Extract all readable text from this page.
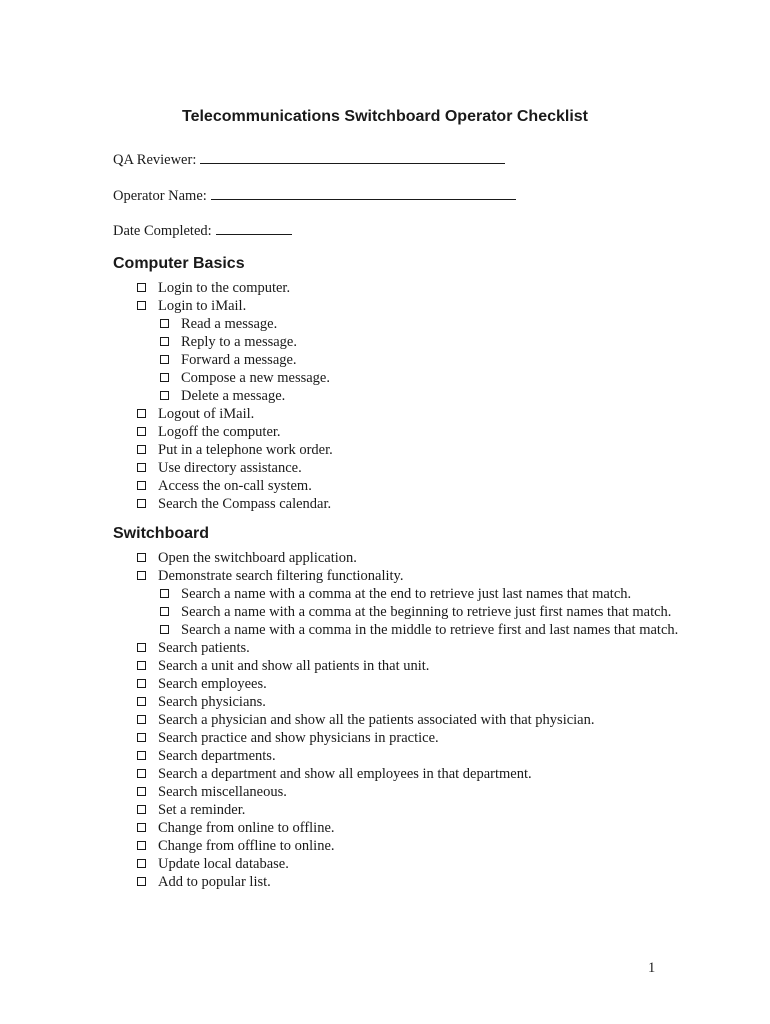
Telecommunications Switchboard Operator Checklist
QA Reviewer:
Operator Name:
Date Completed:
Computer Basics
Login to the computer.
Login to iMail.
Read a message.
Reply to a message.
Forward a message.
Compose a new message.
Delete a message.
Logout of iMail.
Logoff the computer.
Put in a telephone work order.
Use directory assistance.
Access the on-call system.
Search the Compass calendar.
Switchboard
Open the switchboard application.
Demonstrate search filtering functionality.
Search a name with a comma at the end to retrieve just last names that match.
Search a name with a comma at the beginning to retrieve just first names that match.
Search a name with a comma in the middle to retrieve first and last names that match.
Search patients.
Search a unit and show all patients in that unit.
Search employees.
Search physicians.
Search a physician and show all the patients associated with that physician.
Search practice and show physicians in practice.
Search departments.
Search a department and show all employees in that department.
Search miscellaneous.
Set a reminder.
Change from online to offline.
Change from offline to online.
Update local database.
Add to popular list.
1
